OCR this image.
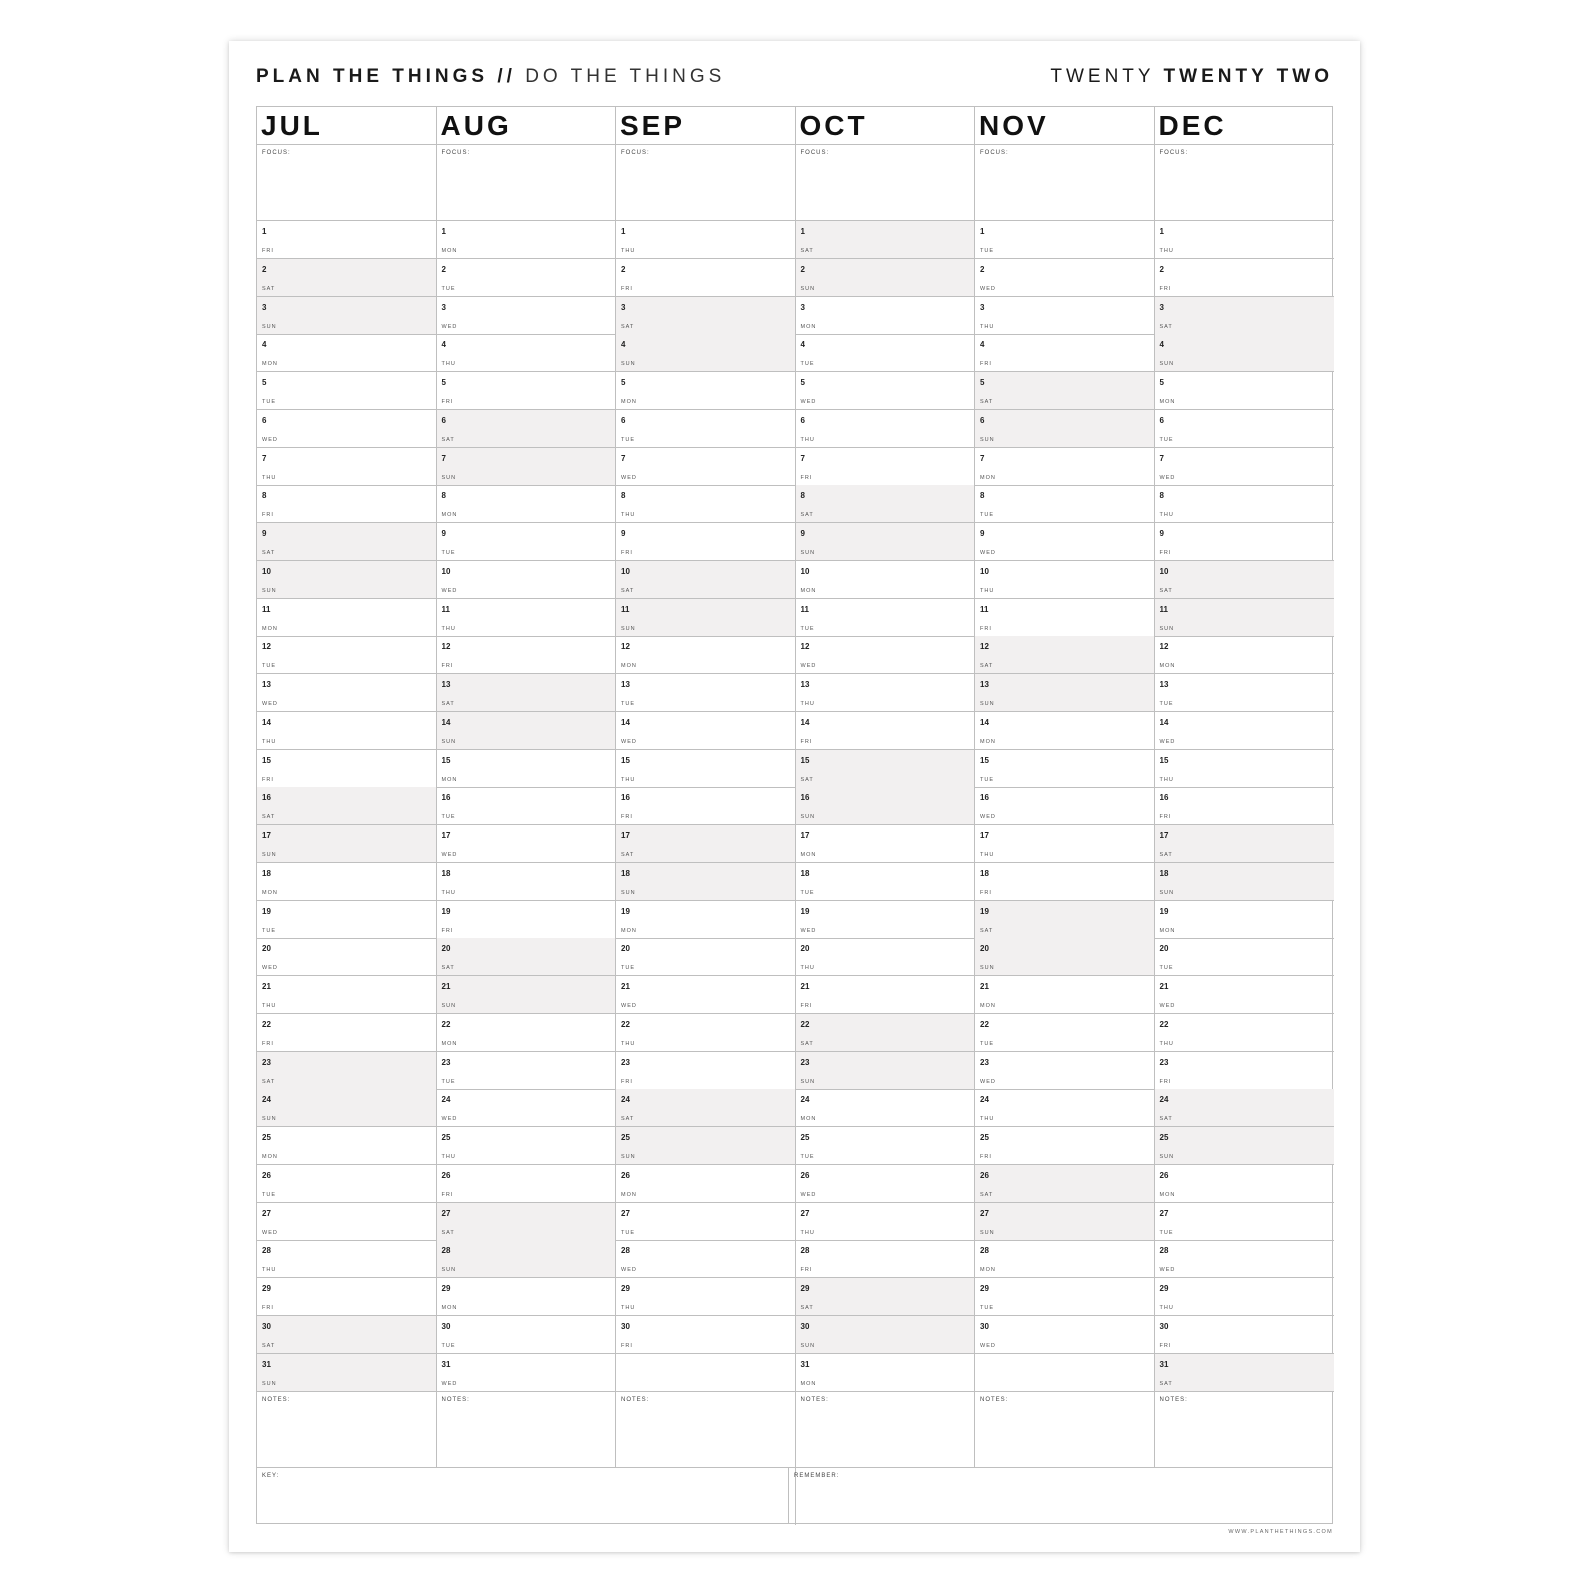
PLAN THE THINGS // DO THE THINGS	TWENTY TWENTY TWO
JUL
FOCUS:
1
FRI
2
SAT
3
SUN
4
MON
5
TUE
6
WED
7
THU
8
FRI
9
SAT
10
SUN
11
MON
12
TUE
13
WED
14
THU
15
FRI
16
SAT
17
SUN
18
MON
19
TUE
20
WED
21
THU
22
FRI
23
SAT
24
SUN
25
MON
26
TUE
27
WED
28
THU
29
FRI
30
SAT
31
SUN
NOTES:
AUG
FOCUS:
1
MON
2
TUE
3
WED
4
THU
5
FRI
6
SAT
7
SUN
8
MON
9
TUE
10
WED
11
THU
12
FRI
13
SAT
14
SUN
15
MON
16
TUE
17
WED
18
THU
19
FRI
20
SAT
21
SUN
22
MON
23
TUE
24
WED
25
THU
26
FRI
27
SAT
28
SUN
29
MON
30
TUE
31
WED
NOTES:
SEP
FOCUS:
1
THU
2
FRI
3
SAT
4
SUN
5
MON
6
TUE
7
WED
8
THU
9
FRI
10
SAT
11
SUN
12
MON
13
TUE
14
WED
15
THU
16
FRI
17
SAT
18
SUN
19
MON
20
TUE
21
WED
22
THU
23
FRI
24
SAT
25
SUN
26
MON
27
TUE
28
WED
29
THU
30
FRI
NOTES:
OCT
FOCUS:
1
SAT
2
SUN
3
MON
4
TUE
5
WED
6
THU
7
FRI
8
SAT
9
SUN
10
MON
11
TUE
12
WED
13
THU
14
FRI
15
SAT
16
SUN
17
MON
18
TUE
19
WED
20
THU
21
FRI
22
SAT
23
SUN
24
MON
25
TUE
26
WED
27
THU
28
FRI
29
SAT
30
SUN
31
MON
NOTES:
NOV
FOCUS:
1
TUE
2
WED
3
THU
4
FRI
5
SAT
6
SUN
7
MON
8
TUE
9
WED
10
THU
11
FRI
12
SAT
13
SUN
14
MON
15
TUE
16
WED
17
THU
18
FRI
19
SAT
20
SUN
21
MON
22
TUE
23
WED
24
THU
25
FRI
26
SAT
27
SUN
28
MON
29
TUE
30
WED
NOTES:
DEC
FOCUS:
1
THU
2
FRI
3
SAT
4
SUN
5
MON
6
TUE
7
WED
8
THU
9
FRI
10
SAT
11
SUN
12
MON
13
TUE
14
WED
15
THU
16
FRI
17
SAT
18
SUN
19
MON
20
TUE
21
WED
22
THU
23
FRI
24
SAT
25
SUN
26
MON
27
TUE
28
WED
29
THU
30
FRI
31
SAT
NOTES:
KEY:	REMEMBER:
WWW.PLANTHETHINGS.COM
